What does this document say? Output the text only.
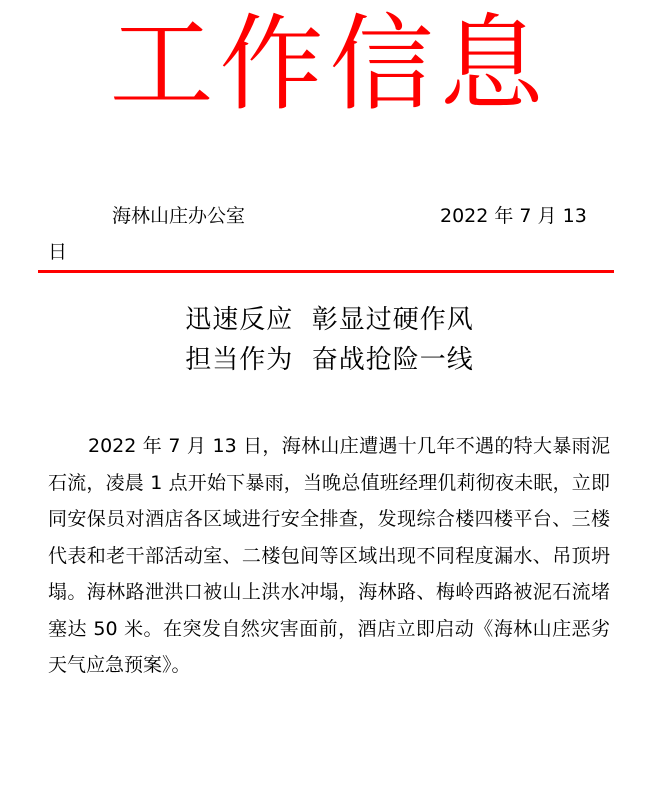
工作信息
海林山庄办公室	2022 年 7 月 13
日
迅速反应  彰显过硬作风
担当作为  奋战抢险一线

2022 年 7 月 13 日，海林山庄遭遇十几年不遇的特大暴雨泥石流，凌晨 1 点开始下暴雨，当晚总值班经理仉莉彻夜未眠，立即同安保员对酒店各区域进行安全排查，发现综合楼四楼平台、三楼代表和老干部活动室、二楼包间等区域出现不同程度漏水、吊顶坍塌。海林路泄洪口被山上洪水冲塌，海林路、梅岭西路被泥石流堵塞达 50 米。在突发自然灾害面前，酒店立即启动《海林山庄恶劣天气应急预案》。
